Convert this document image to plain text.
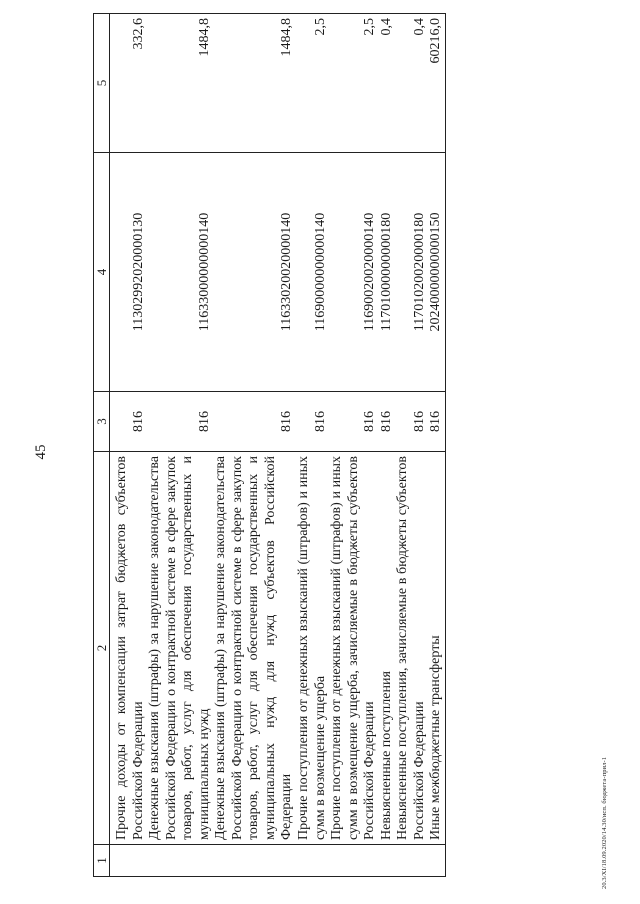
45
1	2	3	4	5
	Прочие доходы от компенсации затрат бюджетов субъектов Российской Федерации	816	11302992020000130	332,6
	Денежные взыскания (штрафы) за нарушение законодательства Российской Федерации о контрактной системе в сфере закупок товаров, работ, услуг для обеспечения государственных и муниципальных нужд	816	11633000000000140	1484,8
	Денежные взыскания (штрафы) за нарушение законодательства Российской Федерации о контрактной системе в сфере закупок товаров, работ, услуг для обеспечения государственных и муниципальных нужд для нужд субъектов Российской Федерации	816	11633020020000140	1484,8
	Прочие поступления от денежных взысканий (штрафов) и иных сумм в возмещение ущерба	816	11690000000000140	2,5
	Прочие поступления от денежных взысканий (штрафов) и иных сумм в возмещение ущерба, зачисляемые в бюджеты субъектов Российской Федерации	816	11690020020000140	2,5
	Невыясненные поступления	816	11701000000000180	0,4
	Невыясненные поступления, зачисляемые в бюджеты субъектов Российской Федерации	816	11701020020000180	0,4
	Иные межбюджетные трансферты	816	20240000000000150	60216,0
20.3/XI/18.09.2020/14.30/исп. бюджета-прил-1
